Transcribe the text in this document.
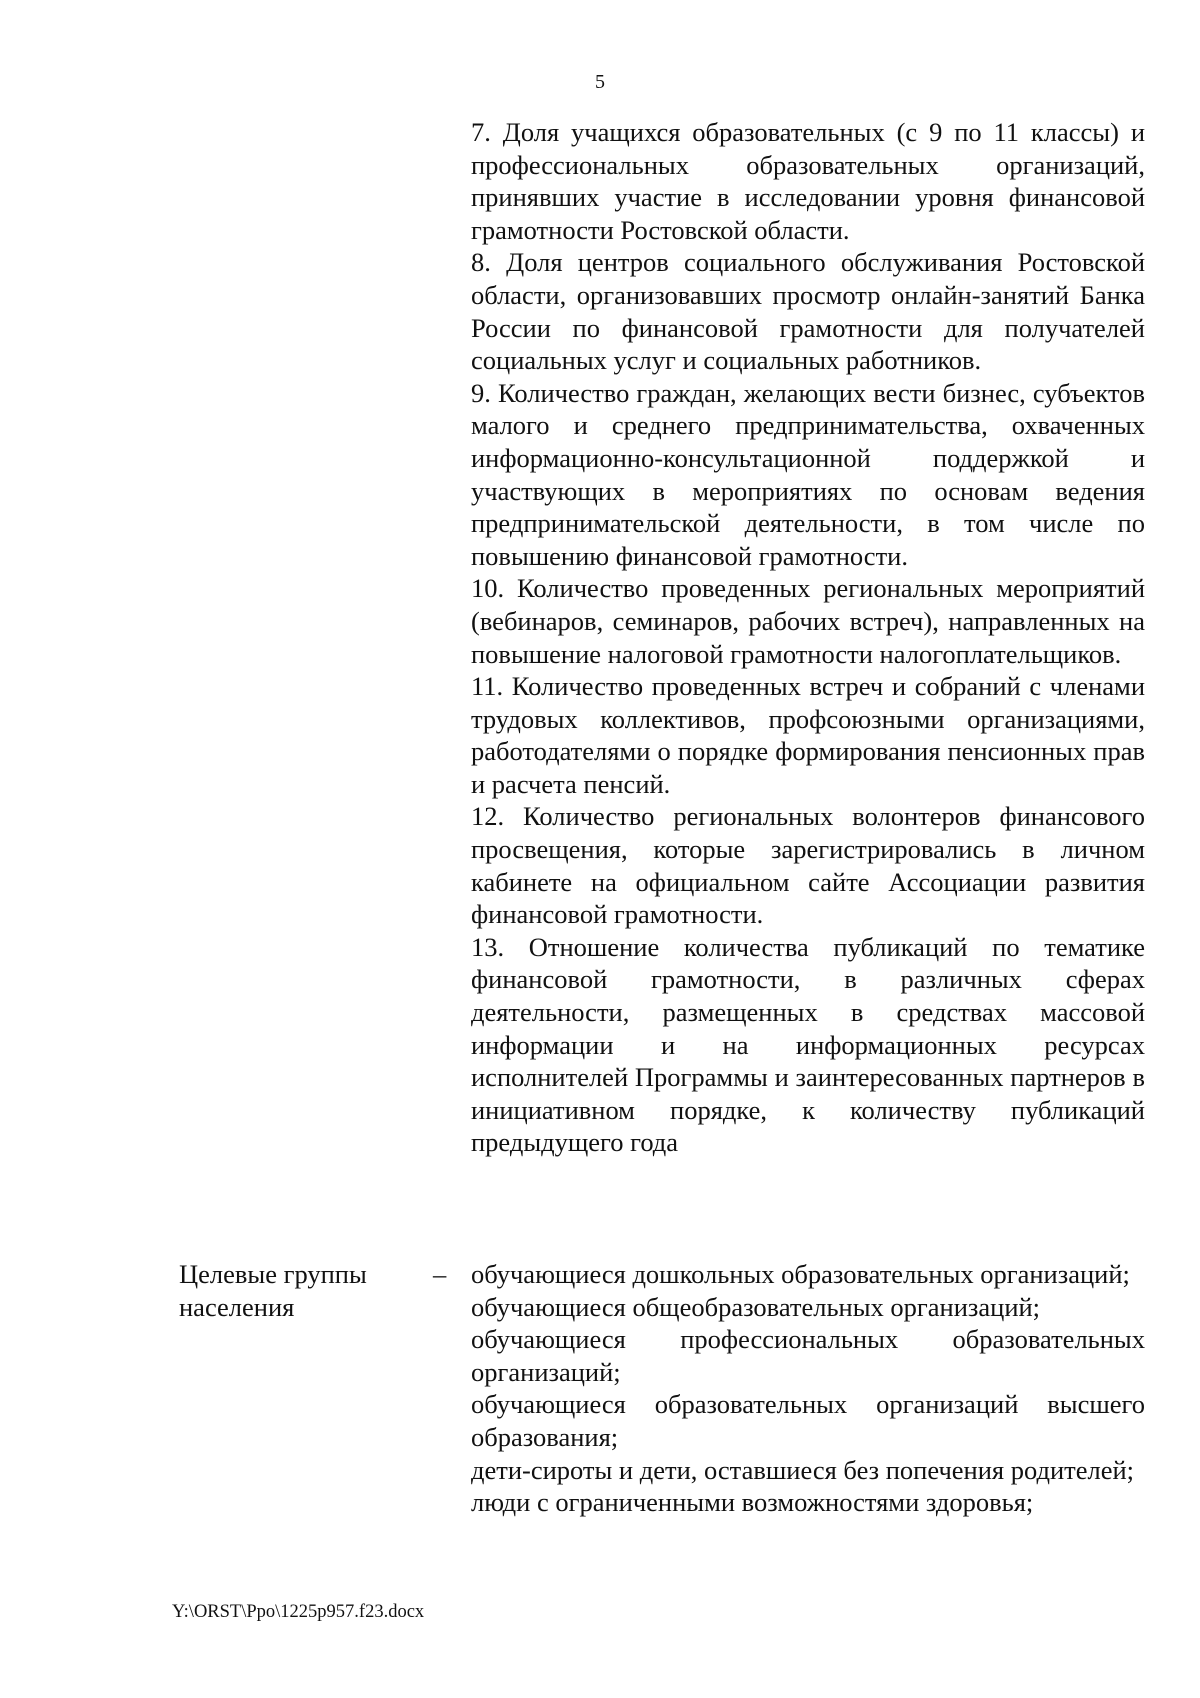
5

7. Доля учащихся образовательных (с 9 по 11 классы) и профессиональных образовательных организаций, принявших участие в исследовании уровня финансовой грамотности Ростовской области.

8. Доля центров социального обслуживания Ростовской области, организовавших просмотр онлайн-занятий Банка России по финансовой грамотности для получателей социальных услуг и социальных работников.

9. Количество граждан, желающих вести бизнес, субъектов малого и среднего предпринимательства, охваченных информационно-консультационной поддержкой и участвующих в мероприятиях по основам ведения предпринимательской деятельности, в том числе по повышению финансовой грамотности.

10. Количество проведенных региональных мероприятий (вебинаров, семинаров, рабочих встреч), направленных на повышение налоговой грамотности налогоплательщиков.

11. Количество проведенных встреч и собраний с членами трудовых коллективов, профсоюзными организациями, работодателями о порядке формирования пенсионных прав и расчета пенсий.

12. Количество региональных волонтеров финансового просвещения, которые зарегистрировались в личном кабинете на официальном сайте Ассоциации развития финансовой грамотности.

13. Отношение количества публикаций по тематике финансовой грамотности, в различных сферах деятельности, размещенных в средствах массовой информации и на информационных ресурсах исполнителей Программы и заинтересованных партнеров в инициативном порядке, к количеству публикаций предыдущего года

Целевые группы населения
– обучающиеся дошкольных образовательных организаций;

обучающиеся общеобразовательных организаций;

обучающиеся профессиональных образовательных организаций;

обучающиеся образовательных организаций высшего образования;

дети-сироты и дети, оставшиеся без попечения родителей;

люди с ограниченными возможностями здоровья;

Y:\ORST\Ppo\1225p957.f23.docx
